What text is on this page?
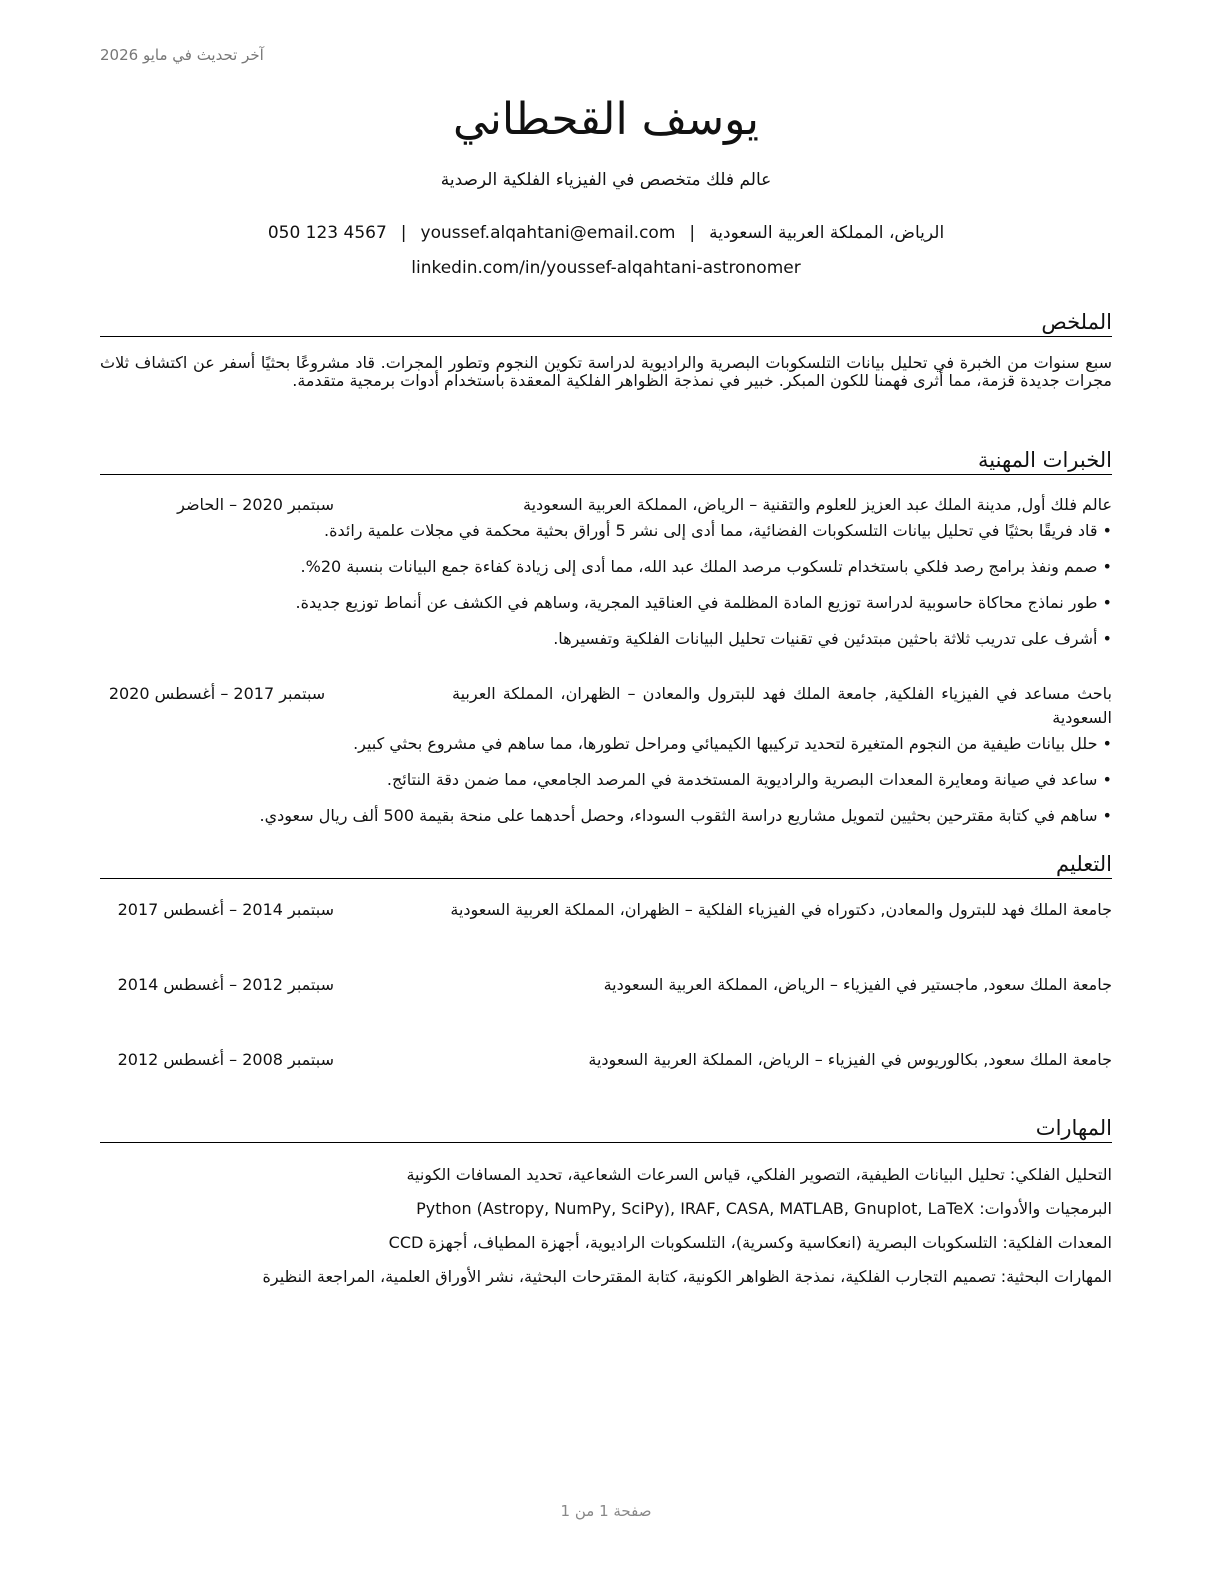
آخر تحديث في مايو 2026
يوسف القحطاني
عالم فلك متخصص في الفيزياء الفلكية الرصدية
الرياض، المملكة العربية السعودية|youssef.alqahtani@email.com|050 123 4567
linkedin.com/in/youssef-alqahtani-astronomer
الملخص
سبع سنوات من الخبرة في تحليل بيانات التلسكوبات البصرية والراديوية لدراسة تكوين النجوم وتطور المجرات. قاد مشروعًا بحثيًا أسفر عن اكتشاف ثلاث مجرات جديدة قزمة، مما أثرى فهمنا للكون المبكر. خبير في نمذجة الظواهر الفلكية المعقدة باستخدام أدوات برمجية متقدمة.
الخبرات المهنية
عالم فلك أول, مدينة الملك عبد العزيز للعلوم والتقنية – الرياض، المملكة العربية السعودية
سبتمبر 2020 – الحاضر
• قاد فريقًا بحثيًا في تحليل بيانات التلسكوبات الفضائية، مما أدى إلى نشر 5 أوراق بحثية محكمة في مجلات علمية رائدة.
• صمم ونفذ برامج رصد فلكي باستخدام تلسكوب مرصد الملك عبد الله، مما أدى إلى زيادة كفاءة جمع البيانات بنسبة 20%.
• طور نماذج محاكاة حاسوبية لدراسة توزيع المادة المظلمة في العناقيد المجرية، وساهم في الكشف عن أنماط توزيع جديدة.
• أشرف على تدريب ثلاثة باحثين مبتدئين في تقنيات تحليل البيانات الفلكية وتفسيرها.
باحث مساعد في الفيزياء الفلكية, جامعة الملك فهد للبترول والمعادن – الظهران، المملكة العربية السعودية
سبتمبر 2017 – أغسطس 2020
• حلل بيانات طيفية من النجوم المتغيرة لتحديد تركيبها الكيميائي ومراحل تطورها، مما ساهم في مشروع بحثي كبير.
• ساعد في صيانة ومعايرة المعدات البصرية والراديوية المستخدمة في المرصد الجامعي، مما ضمن دقة النتائج.
• ساهم في كتابة مقترحين بحثيين لتمويل مشاريع دراسة الثقوب السوداء، وحصل أحدهما على منحة بقيمة 500 ألف ريال سعودي.
التعليم
جامعة الملك فهد للبترول والمعادن, دكتوراه في الفيزياء الفلكية – الظهران، المملكة العربية السعودية
سبتمبر 2014 – أغسطس 2017
جامعة الملك سعود, ماجستير في الفيزياء – الرياض، المملكة العربية السعودية
سبتمبر 2012 – أغسطس 2014
جامعة الملك سعود, بكالوريوس في الفيزياء – الرياض، المملكة العربية السعودية
سبتمبر 2008 – أغسطس 2012
المهارات
التحليل الفلكي: تحليل البيانات الطيفية، التصوير الفلكي، قياس السرعات الشعاعية، تحديد المسافات الكونية
البرمجيات والأدوات: Python (Astropy, NumPy, SciPy), IRAF, CASA, MATLAB, Gnuplot, LaTeX
المعدات الفلكية: التلسكوبات البصرية (انعكاسية وكسرية)، التلسكوبات الراديوية، أجهزة المطياف، أجهزة CCD
المهارات البحثية: تصميم التجارب الفلكية، نمذجة الظواهر الكونية، كتابة المقترحات البحثية، نشر الأوراق العلمية، المراجعة النظيرة
صفحة 1 من 1
